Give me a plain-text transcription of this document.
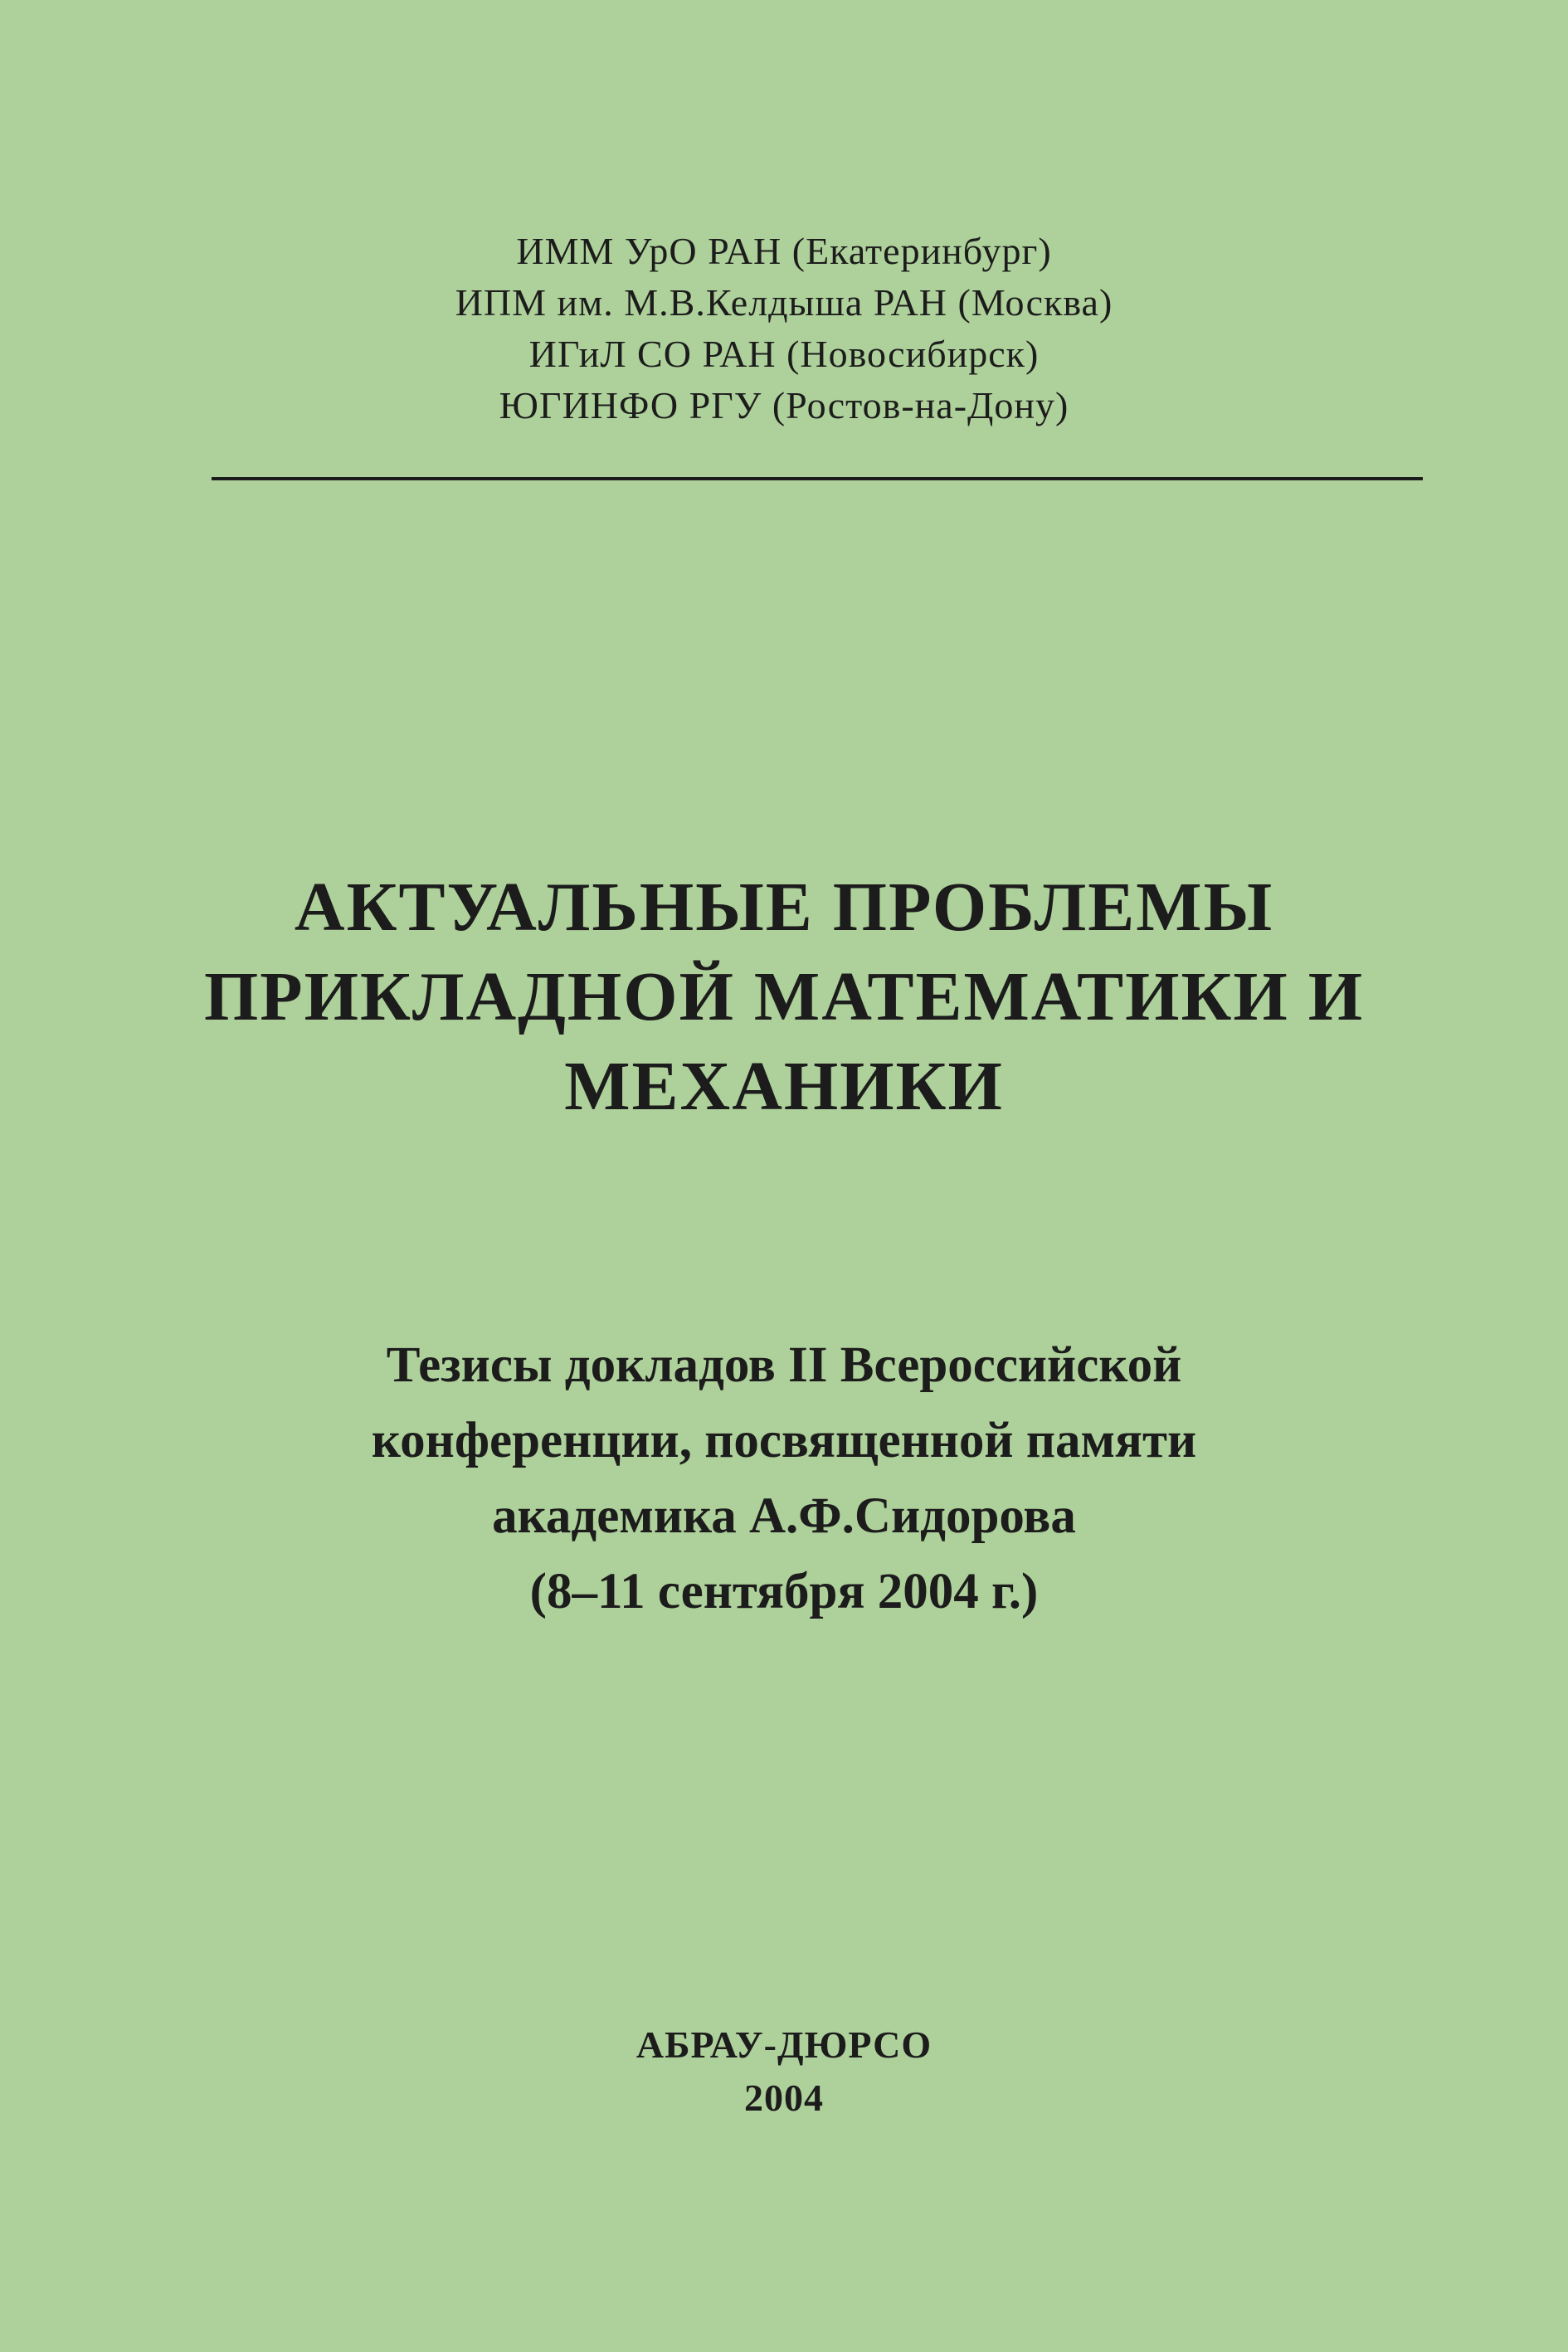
ИММ УрО РАН (Екатеринбург)
ИПМ им. М.В.Келдыша РАН (Москва)
ИГиЛ СО РАН (Новосибирск)
ЮГИНФО РГУ (Ростов-на-Дону)
АКТУАЛЬНЫЕ ПРОБЛЕМЫ
ПРИКЛАДНОЙ МАТЕМАТИКИ И
МЕХАНИКИ
Тезисы докладов II Всероссийской
конференции, посвященной памяти
академика А.Ф.Сидорова
(8–11 сентября 2004 г.)
АБРАУ-ДЮРСО
2004
